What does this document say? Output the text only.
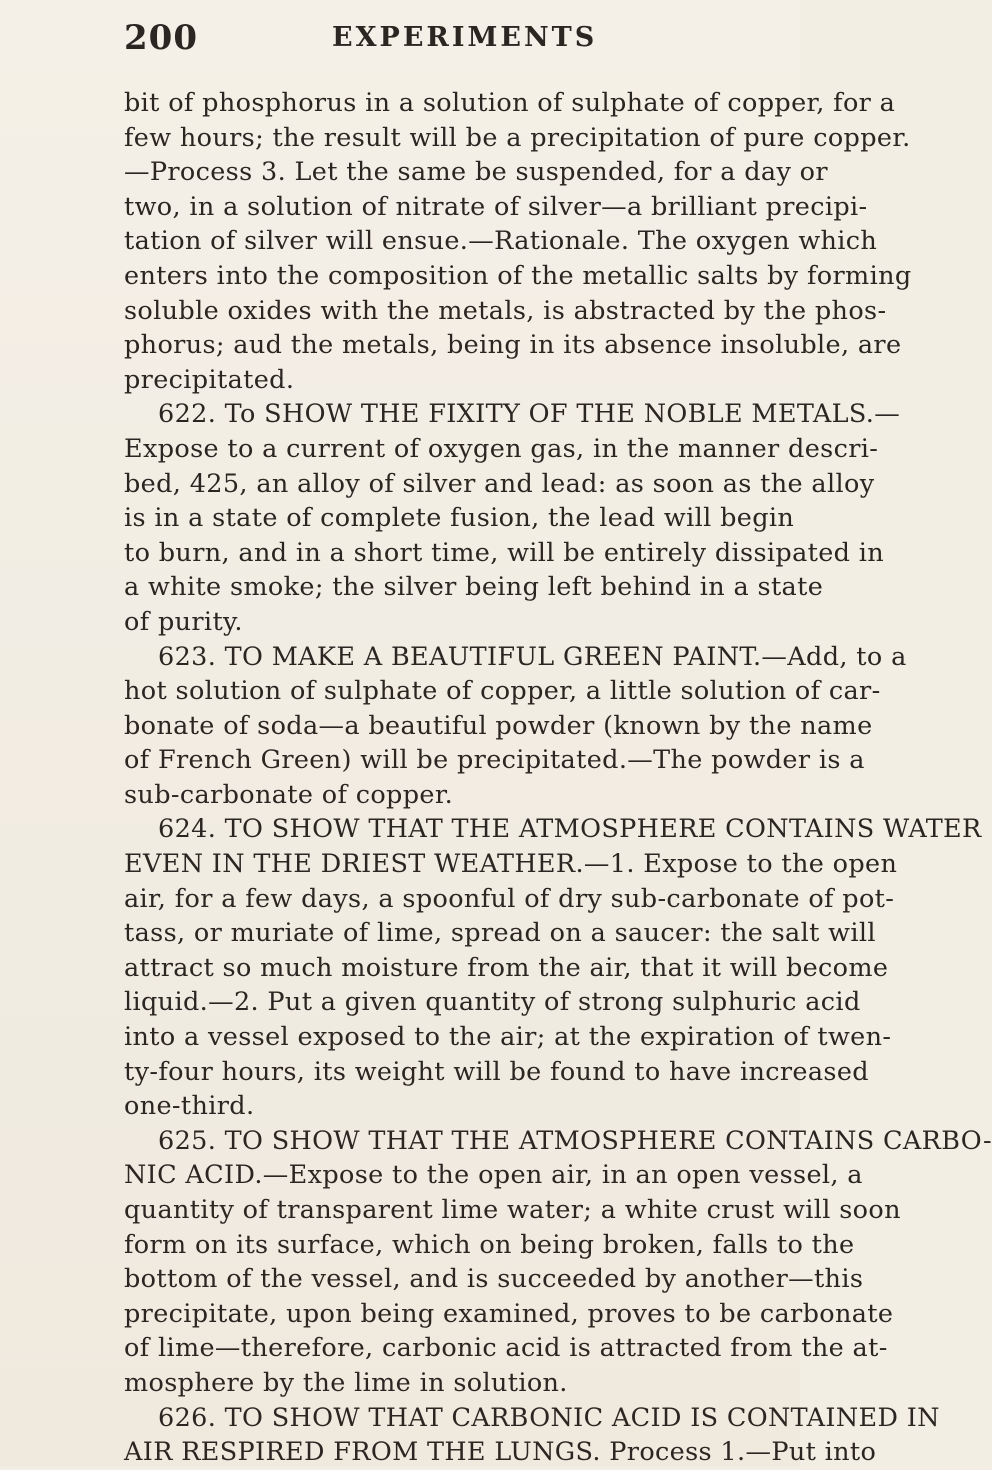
200	EXPERIMENTS
bit of phosphorus in a solution of sulphate of copper, for a
few hours; the result will be a precipitation of pure copper.
—Process 3. Let the same be suspended, for a day or
two, in a solution of nitrate of silver—a brilliant precipi-
tation of silver will ensue.—Rationale. The oxygen which
enters into the composition of the metallic salts by forming
soluble oxides with the metals, is abstracted by the phos-
phorus; aud the metals, being in its absence insoluble, are
precipitated.
622. To SHOW THE FIXITY OF THE NOBLE METALS.—
Expose to a current of oxygen gas, in the manner descri-
bed, 425, an alloy of silver and lead: as soon as the alloy
is in a state of complete fusion, the lead will begin
to burn, and in a short time, will be entirely dissipated in
a white smoke; the silver being left behind in a state
of purity.
623. TO MAKE A BEAUTIFUL GREEN PAINT.—Add, to a
hot solution of sulphate of copper, a little solution of car-
bonate of soda—a beautiful powder (known by the name
of French Green) will be precipitated.—The powder is a
sub-carbonate of copper.
624. TO SHOW THAT THE ATMOSPHERE CONTAINS WATER
EVEN IN THE DRIEST WEATHER.—1. Expose to the open
air, for a few days, a spoonful of dry sub-carbonate of pot-
tass, or muriate of lime, spread on a saucer: the salt will
attract so much moisture from the air, that it will become
liquid.—2. Put a given quantity of strong sulphuric acid
into a vessel exposed to the air; at the expiration of twen-
ty-four hours, its weight will be found to have increased
one-third.
625. TO SHOW THAT THE ATMOSPHERE CONTAINS CARBO-
NIC ACID.—Expose to the open air, in an open vessel, a
quantity of transparent lime water; a white crust will soon
form on its surface, which on being broken, falls to the
bottom of the vessel, and is succeeded by another—this
precipitate, upon being examined, proves to be carbonate
of lime—therefore, carbonic acid is attracted from the at-
mosphere by the lime in solution.
626. TO SHOW THAT CARBONIC ACID IS CONTAINED IN
AIR RESPIRED FROM THE LUNGS. Process 1.—Put into
